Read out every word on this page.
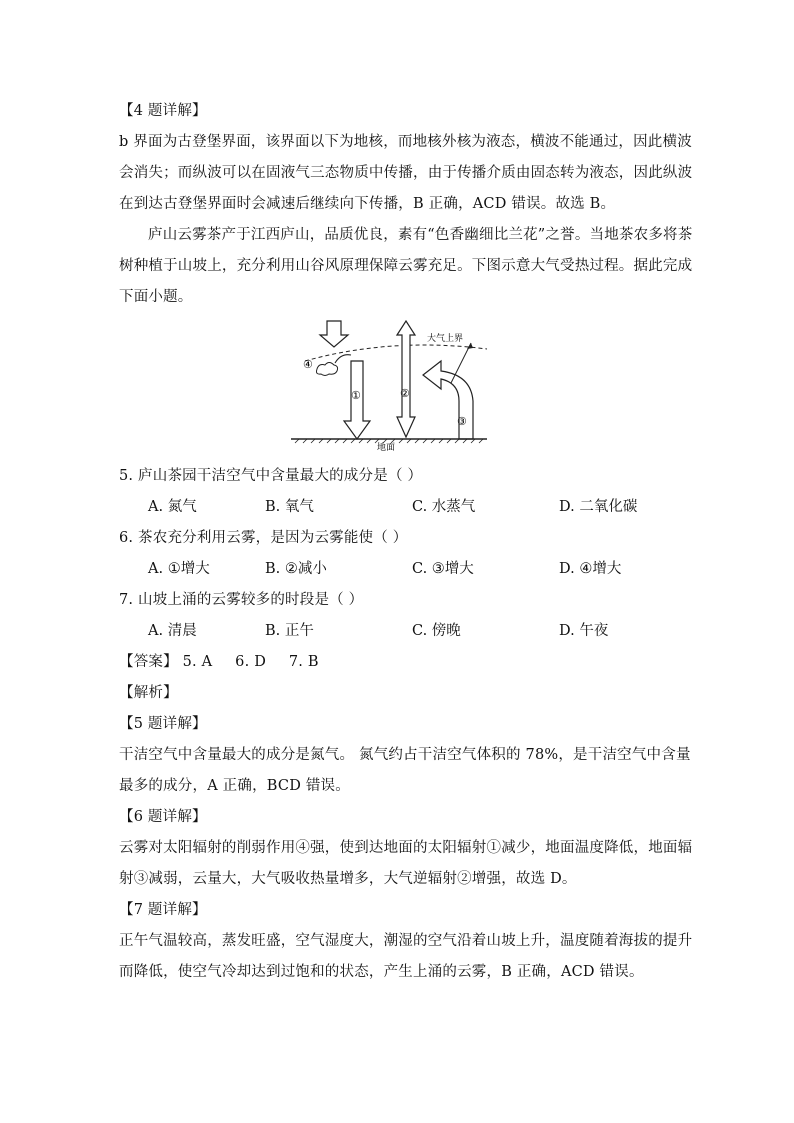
【4 题详解】
b 界面为古登堡界面，该界面以下为地核，而地核外核为液态，横波不能通过，因此横波
会消失；而纵波可以在固液气三态物质中传播，由于传播介质由固态转为液态，因此纵波
在到达古登堡界面时会减速后继续向下传播，B 正确，ACD 错误。故选 B。
庐山云雾茶产于江西庐山，品质优良，素有“色香幽细比兰花”之誉。当地茶农多将茶
树种植于山坡上，充分利用山谷风原理保障云雾充足。下图示意大气受热过程。据此完成
下面小题。
大气上界
①
④
②
③
地面
5. 庐山茶园干洁空气中含量最大的成分是（ ）
A. 氮气	B. 氧气	C. 水蒸气	D. 二氧化碳
6. 茶农充分利用云雾，是因为云雾能使（ ）
A. ①增大	B. ②减小	C. ③增大	D. ④增大
7. 山坡上涌的云雾较多的时段是（ ）
A. 清晨	B. 正午	C. 傍晚	D. 午夜
【答案】 5. A 6. D 7. B
【解析】
【5 题详解】
干洁空气中含量最大的成分是氮气。 氮气约占干洁空气体积的 78%，是干洁空气中含量
最多的成分，A 正确，BCD 错误。
【6 题详解】
云雾对太阳辐射的削弱作用④强，使到达地面的太阳辐射①减少，地面温度降低，地面辐
射③减弱，云量大，大气吸收热量增多，大气逆辐射②增强，故选 D。
【7 题详解】
正午气温较高，蒸发旺盛，空气湿度大，潮湿的空气沿着山坡上升，温度随着海拔的提升
而降低，使空气冷却达到过饱和的状态，产生上涌的云雾，B 正确，ACD 错误。
